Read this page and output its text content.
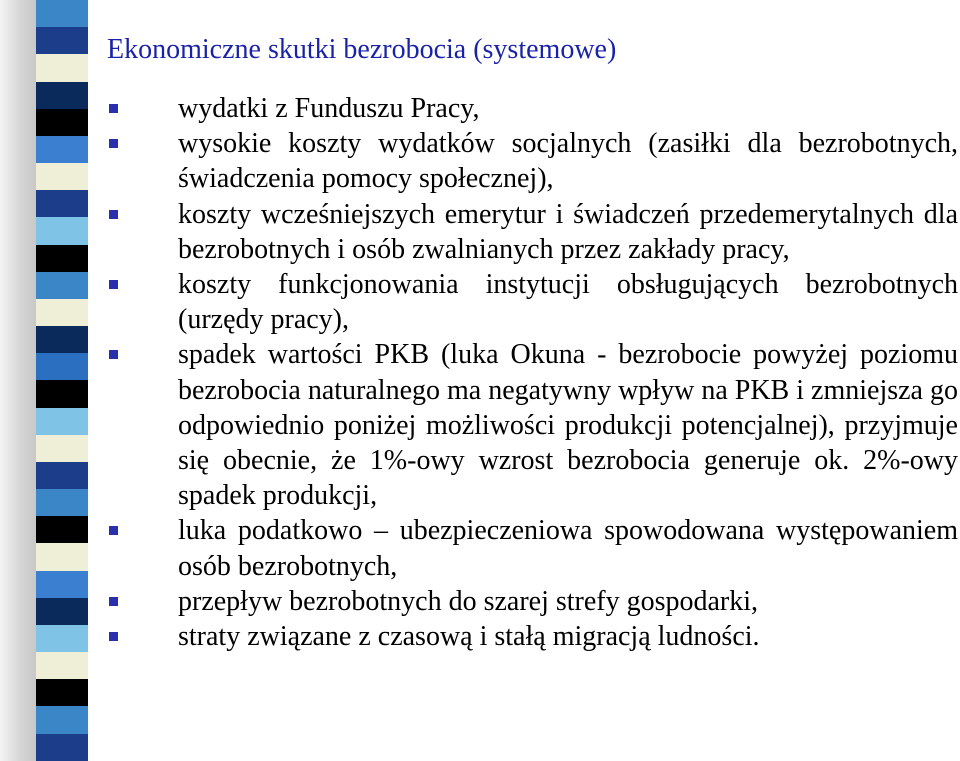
Ekonomiczne skutki bezrobocia (systemowe)
wydatki z Funduszu Pracy,
wysokie koszty wydatków socjalnych (zasiłki dla bezrobotnych, świadczenia pomocy społecznej),
koszty wcześniejszych emerytur i świadczeń przedemerytalnych dla bezrobotnych i osób zwalnianych przez zakłady pracy,
koszty funkcjonowania instytucji obsługujących bezrobotnych (urzędy pracy),
spadek wartości PKB (luka Okuna - bezrobocie powyżej poziomu bezrobocia naturalnego ma negatywny wpływ na PKB i zmniejsza go odpowiednio poniżej możliwości produkcji potencjalnej), przyjmuje się obecnie, że 1%-owy wzrost bezrobocia generuje ok. 2%-owy spadek produkcji,
luka podatkowo – ubezpieczeniowa spowodowana występowaniem osób bezrobotnych,
przepływ bezrobotnych do szarej strefy gospodarki,
straty związane z czasową i stałą migracją ludności.
